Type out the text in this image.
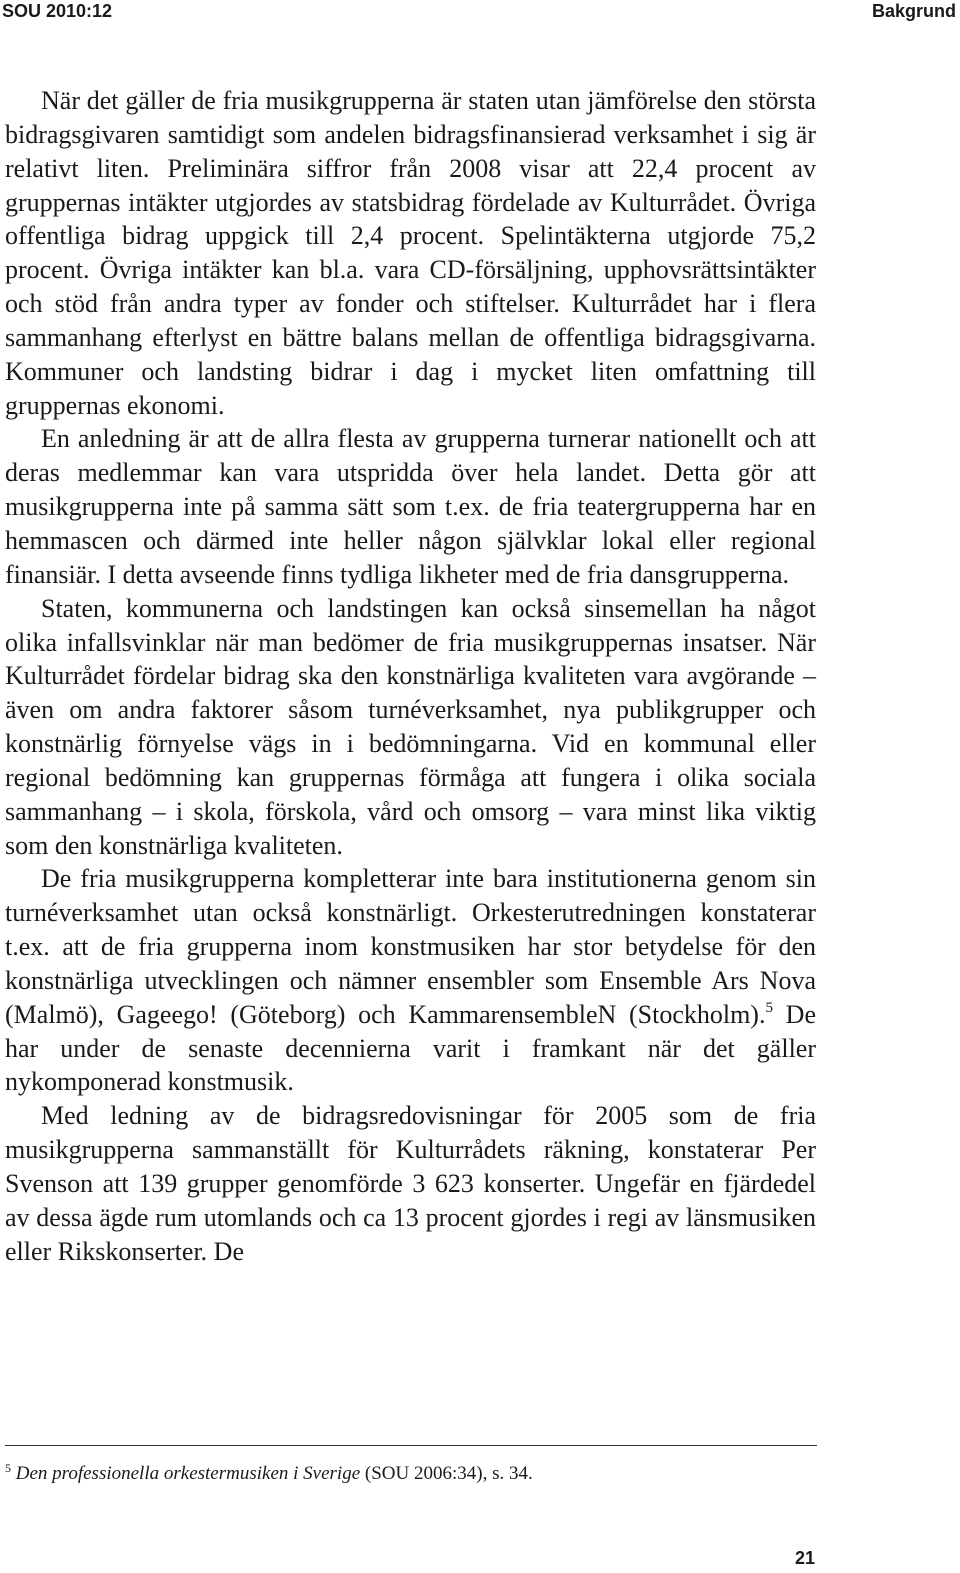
SOU 2010:12	Bakgrund

När det gäller de fria musikgrupperna är staten utan jämförelse den största bidragsgivaren samtidigt som andelen bidragsfinansierad verksamhet i sig är relativt liten. Preliminära siffror från 2008 visar att 22,4 procent av gruppernas intäkter utgjordes av statsbidrag fördelade av Kulturrådet. Övriga offentliga bidrag uppgick till 2,4 procent. Spelintäkterna utgjorde 75,2 procent. Övriga intäkter kan bl.a. vara CD-försäljning, upphovsrättsintäkter och stöd från andra typer av fonder och stiftelser. Kulturrådet har i flera sammanhang efterlyst en bättre balans mellan de offentliga bidragsgivarna. Kommuner och landsting bidrar i dag i mycket liten omfattning till gruppernas ekonomi.

En anledning är att de allra flesta av grupperna turnerar nationellt och att deras medlemmar kan vara utspridda över hela landet. Detta gör att musikgrupperna inte på samma sätt som t.ex. de fria teatergrupperna har en hemmascen och därmed inte heller någon självklar lokal eller regional finansiär. I detta avseende finns tydliga likheter med de fria dansgrupperna.

Staten, kommunerna och landstingen kan också sinsemellan ha något olika infallsvinklar när man bedömer de fria musikgruppernas insatser. När Kulturrådet fördelar bidrag ska den konstnärliga kvaliteten vara avgörande – även om andra faktorer såsom turnéverksamhet, nya publikgrupper och konstnärlig förnyelse vägs in i bedömningarna. Vid en kommunal eller regional bedömning kan gruppernas förmåga att fungera i olika sociala sammanhang – i skola, förskola, vård och omsorg – vara minst lika viktig som den konstnärliga kvaliteten.

De fria musikgrupperna kompletterar inte bara institutionerna genom sin turnéverksamhet utan också konstnärligt. Orkesterutredningen konstaterar t.ex. att de fria grupperna inom konstmusiken har stor betydelse för den konstnärliga utvecklingen och nämner ensembler som Ensemble Ars Nova (Malmö), Gageego! (Göteborg) och KammarensembleN (Stockholm).$^5$ De har under de senaste decennierna varit i framkant när det gäller nykomponerad konstmusik.

Med ledning av de bidragsredovisningar för 2005 som de fria musikgrupperna sammanställt för Kulturrådets räkning, konstaterar Per Svenson att 139 grupper genomförde 3 623 konserter. Ungefär en fjärdedel av dessa ägde rum utomlands och ca 13 procent gjordes i regi av länsmusiken eller Rikskonserter. De

$^5$ Den professionella orkestermusiken i Sverige (SOU 2006:34), s. 34.
21
